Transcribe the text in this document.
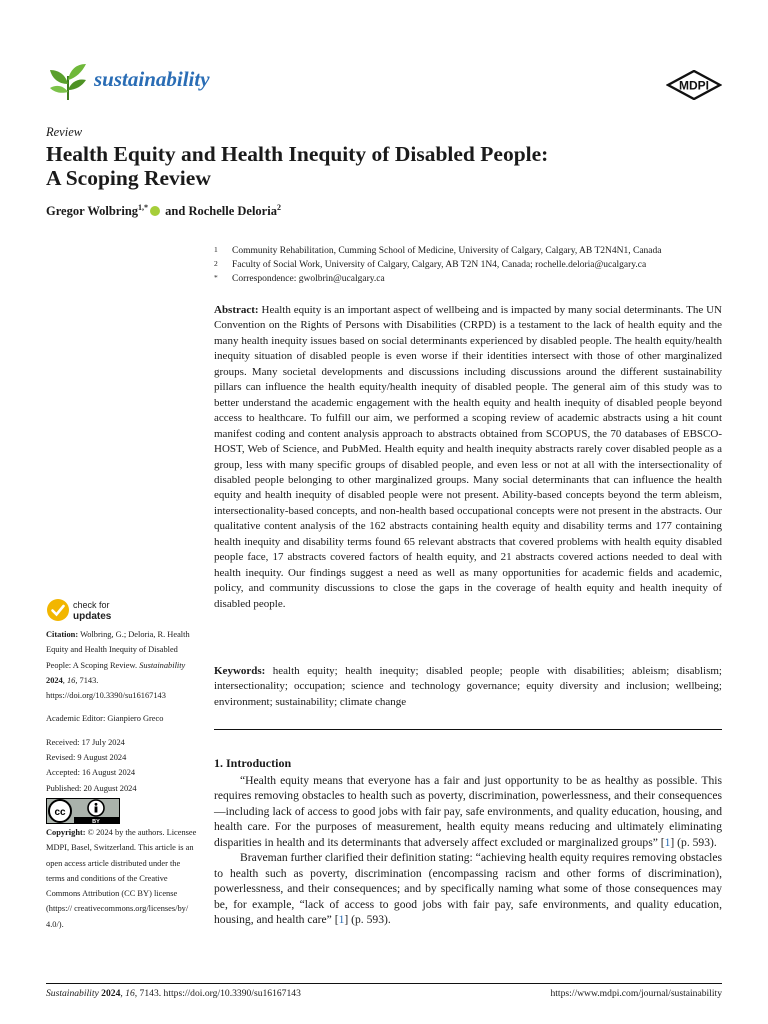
sustainability	MDPI
Review
Health Equity and Health Inequity of Disabled People:
A Scoping Review
Gregor Wolbring$^{1,*}$ and Rochelle Deloria$^2$
1 Community Rehabilitation, Cumming School of Medicine, University of Calgary, Calgary, AB T2N4N1, Canada
2 Faculty of Social Work, University of Calgary, Calgary, AB T2N 1N4, Canada; rochelle.deloria@ucalgary.ca
* Correspondence: gwolbrin@ucalgary.ca
Abstract: Health equity is an important aspect of wellbeing and is impacted by many social determinants. The UN Convention on the Rights of Persons with Disabilities (CRPD) is a testament to the lack of health equity and the many health inequity issues based on social determinants experienced by disabled people. The health equity/health inequity situation of disabled people is even worse if their identities intersect with those of other marginalized groups. Many societal developments and discussions including discussions around the different sustainability pillars can influence the health equity/health inequity of disabled people. The general aim of this study was to better understand the academic engagement with the health equity and health inequity of disabled people beyond access to healthcare. To fulfill our aim, we performed a scoping review of academic abstracts using a hit count manifest coding and content analysis approach to abstracts obtained from SCOPUS, the 70 databases of EBSCO-HOST, Web of Science, and PubMed. Health equity and health inequity abstracts rarely cover disabled people as a group, less with many specific groups of disabled people, and even less or not at all with the intersectionality of disabled people belonging to other marginalized groups. Many social determinants that can influence the health equity and health inequity of disabled people were not present. Ability-based concepts beyond the term ableism, intersectionality-based concepts, and non-health based occupational concepts were not present in the abstracts. Our qualitative content analysis of the 162 abstracts containing health equity and disability terms and 177 containing health inequity and disability terms found 65 relevant abstracts that covered problems with health equity disabled people face, 17 abstracts covered factors of health equity, and 21 abstracts covered actions needed to deal with health inequity. Our findings suggest a need as well as many opportunities for academic fields and academic, policy, and community discussions to close the gaps in the coverage of health equity and health inequity of disabled people.
Keywords: health equity; health inequity; disabled people; people with disabilities; ableism; disablism; intersectionality; occupation; science and technology governance; equity diversity and inclusion; wellbeing; environment; sustainability; climate change
1. Introduction

“Health equity means that everyone has a fair and just opportunity to be as healthy as possible. This requires removing obstacles to health such as poverty, discrimination, powerlessness, and their consequences—including lack of access to good jobs with fair pay, safe environments, and quality education, housing, and health care. For the purposes of measurement, health equity means reducing and ultimately eliminating disparities in health and its determinants that adversely affect excluded or marginalized groups” [1] (p. 593).

Braveman further clarified their definition stating: “achieving health equity requires removing obstacles to health such as poverty, discrimination (encompassing racism and other forms of discrimination), powerlessness, and their consequences; and by specifically naming what some of those consequences may be, for example, “lack of access to good jobs with fair pay, safe environments, and quality education, housing, and health care” [1] (p. 593).

check for
updates
Citation: Wolbring, G.; Deloria, R. Health Equity and Health Inequity of Disabled People: A Scoping Review. Sustainability 2024, 16, 7143. https://doi.org/10.3390/su16167143
Academic Editor: Gianpiero Greco
Received: 17 July 2024
Revised: 9 August 2024
Accepted: 16 August 2024
Published: 20 August 2024
cc
BY
Copyright: © 2024 by the authors. Licensee MDPI, Basel, Switzerland. This article is an open access article distributed under the terms and conditions of the Creative Commons Attribution (CC BY) license (https:// creativecommons.org/licenses/by/ 4.0/).
Sustainability 2024, 16, 7143. https://doi.org/10.3390/su16167143	https://www.mdpi.com/journal/sustainability
